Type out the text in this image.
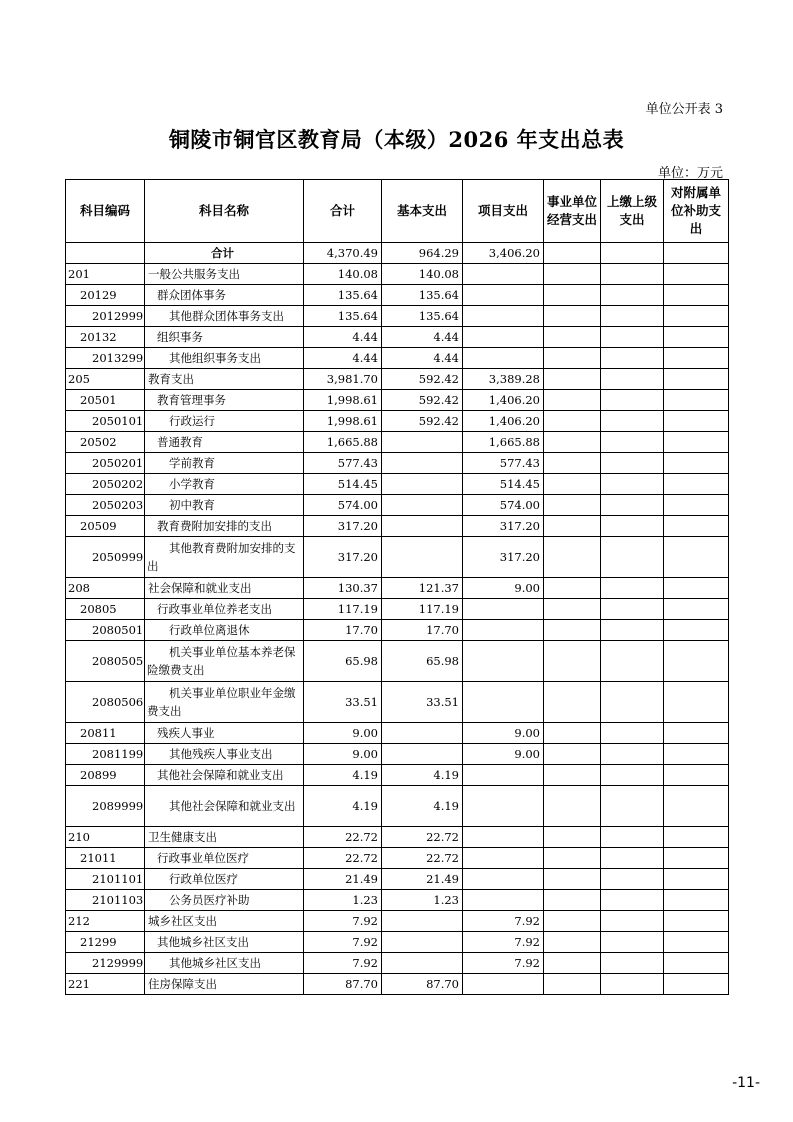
单位公开表 3
铜陵市铜官区教育局（本级）2026 年支出总表
单位：万元
科目编码	科目名称	合计	基本支出	项目支出	事业单位经营支出	上缴上级支出	对附属单位补助支出
	合计	4,370.49	964.29	3,406.20			
201	一般公共服务支出	140.08	140.08				
20129	群众团体事务	135.64	135.64				
2012999	其他群众团体事务支出	135.64	135.64				
20132	组织事务	4.44	4.44				
2013299	其他组织事务支出	4.44	4.44				
205	教育支出	3,981.70	592.42	3,389.28			
20501	教育管理事务	1,998.61	592.42	1,406.20			
2050101	行政运行	1,998.61	592.42	1,406.20			
20502	普通教育	1,665.88		1,665.88			
2050201	学前教育	577.43		577.43			
2050202	小学教育	514.45		514.45			
2050203	初中教育	574.00		574.00			
20509	教育费附加安排的支出	317.20		317.20			
2050999	其他教育费附加安排的支出	317.20		317.20			
208	社会保障和就业支出	130.37	121.37	9.00			
20805	行政事业单位养老支出	117.19	117.19				
2080501	行政单位离退休	17.70	17.70				
2080505	机关事业单位基本养老保险缴费支出	65.98	65.98				
2080506	机关事业单位职业年金缴费支出	33.51	33.51				
20811	残疾人事业	9.00		9.00			
2081199	其他残疾人事业支出	9.00		9.00			
20899	其他社会保障和就业支出	4.19	4.19				
2089999	其他社会保障和就业支出	4.19	4.19				
210	卫生健康支出	22.72	22.72				
21011	行政事业单位医疗	22.72	22.72				
2101101	行政单位医疗	21.49	21.49				
2101103	公务员医疗补助	1.23	1.23				
212	城乡社区支出	7.92		7.92			
21299	其他城乡社区支出	7.92		7.92			
2129999	其他城乡社区支出	7.92		7.92			
221	住房保障支出	87.70	87.70				
-11-
